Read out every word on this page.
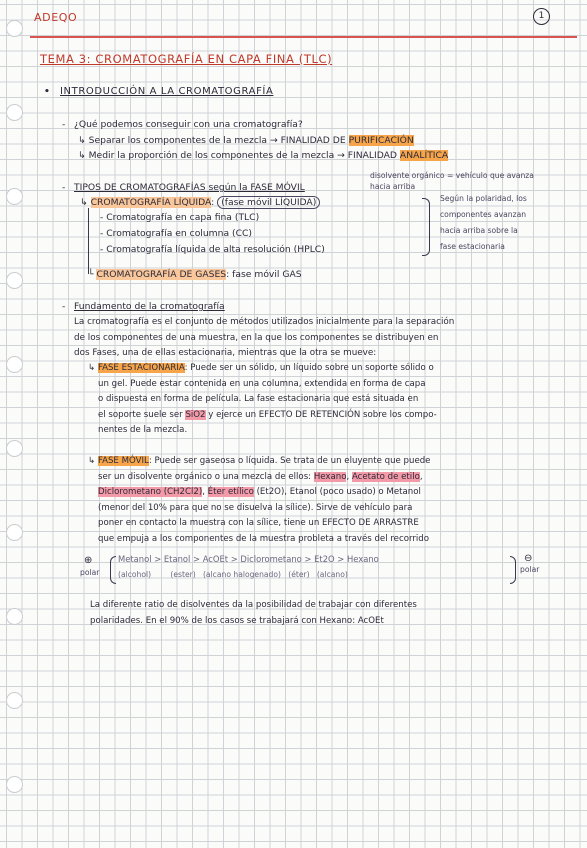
ADEQO	1
TEMA 3: CROMATOGRAFÍA EN CAPA FINA (TLC)
• INTRODUCCIÓN A LA CROMATOGRAFÍA
- ¿Qué podemos conseguir con una cromatografía?
↳ Separar los componentes de la mezcla → FINALIDAD DE PURIFICACIÓN
↳ Medir la proporción de los componentes de la mezcla → FINALIDAD ANALÍTICA
disolvente orgánico = vehículo que avanza
hacia arriba
- TIPOS DE CROMATOGRAFÍAS según la FASE MÓVIL
↳ CROMATOGRAFÍA LÍQUIDA: (fase móvil LÍQUIDA)
- Cromatografía en capa fina (TLC)
- Cromatografía en columna (CC)
- Cromatografía líquida de alta resolución (HPLC)
Según la polaridad, los
componentes avanzan
hacia arriba sobre la
fase estacionaria
└ CROMATOGRAFÍA DE GASES: fase móvil GAS
- Fundamento de la cromatografía
La cromatografía es el conjunto de métodos utilizados inicialmente para la separación
de los componentes de una muestra, en la que los componentes se distribuyen en
dos Fases, una de ellas estacionaria, mientras que la otra se mueve:
↳ FASE ESTACIONARIA: Puede ser un sólido, un líquido sobre un soporte sólido o
un gel. Puede estar contenida en una columna, extendida en forma de capa
o dispuesta en forma de película. La fase estacionaria que está situada en
el soporte suele ser SiO2 y ejerce un EFECTO DE RETENCIÓN sobre los compo-
nentes de la mezcla.
↳ FASE MÓVIL: Puede ser gaseosa o líquida. Se trata de un eluyente que puede
ser un disolvente orgánico o una mezcla de ellos: Hexano, Acetato de etilo,
Diclorometano (CH2Cl2), Éter etílico (Et2O), Etanol (poco usado) o Metanol
(menor del 10% para que no se disuelva la sílice). Sirve de vehículo para
poner en contacto la muestra con la sílice, tiene un EFECTO DE ARRASTRE
que empuja a los componentes de la muestra probleta a través del recorrido
⊕
polar
Metanol > Etanol > AcOEt > Diclorometano > Et2O > Hexano
(alcohol)        (ester)   (alcano halogenado)   (éter)   (alcano)
⊖
polar
La diferente ratio de disolventes da la posibilidad de trabajar con diferentes
polaridades. En el 90% de los casos se trabajará con Hexano: AcOEt
